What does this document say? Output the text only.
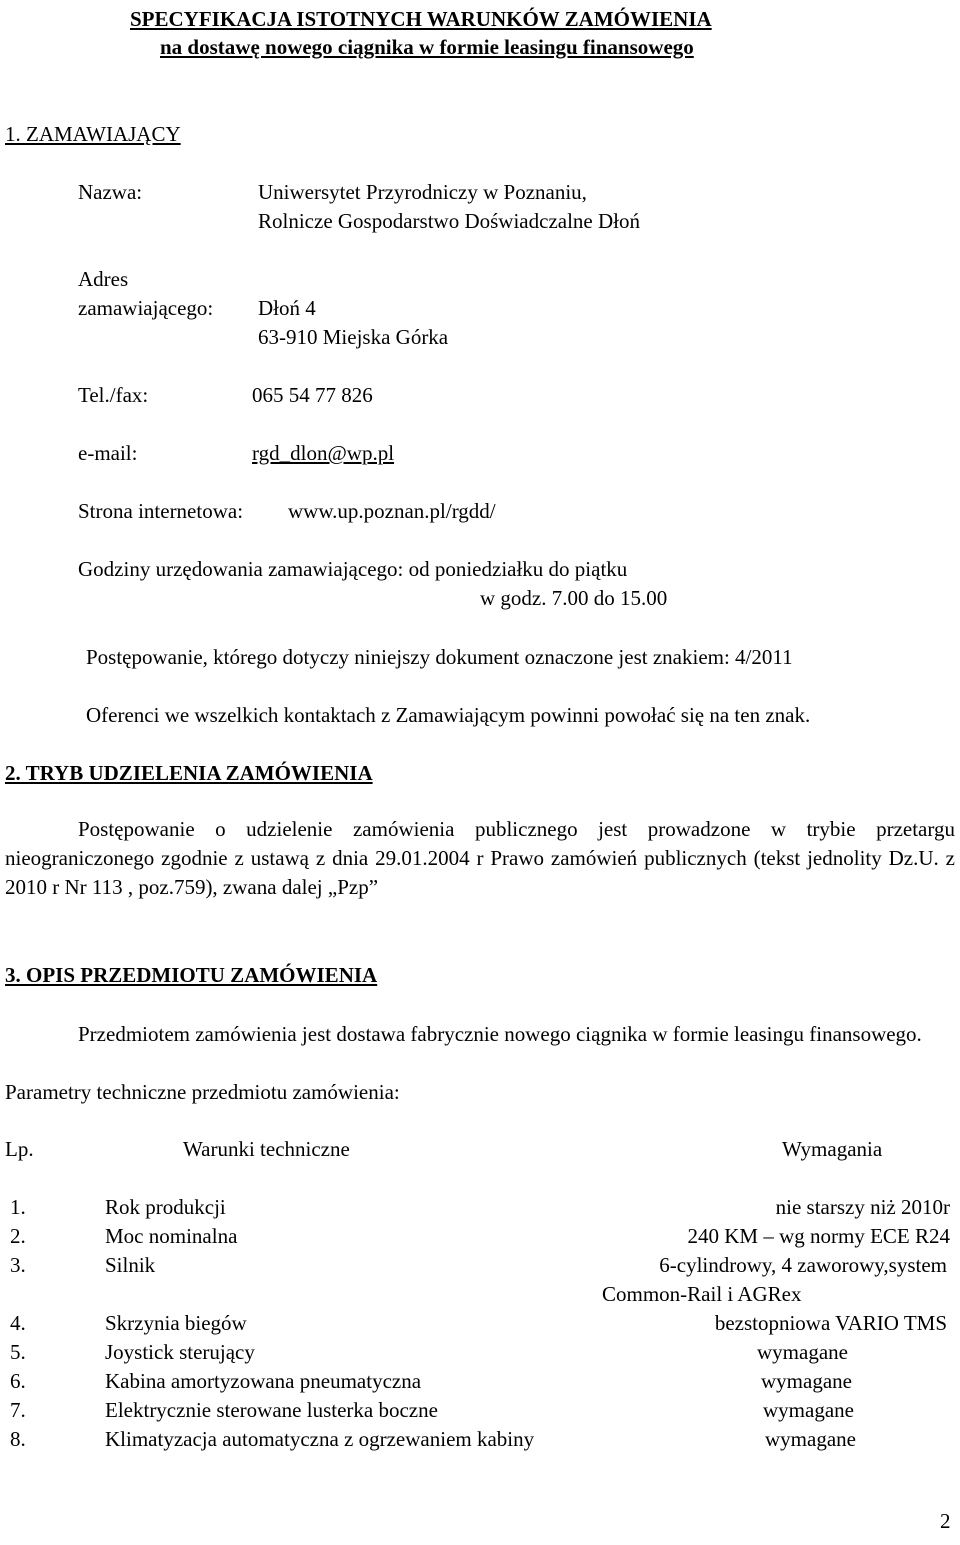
SPECYFIKACJA ISTOTNYCH WARUNKÓW ZAMÓWIENIA
na dostawę nowego ciągnika w formie leasingu finansowego
1. ZAMAWIAJĄCY
Nazwa:	Uniwersytet Przyrodniczy w Poznaniu,
Rolnicze Gospodarstwo Doświadczalne Dłoń
Adres
zamawiającego: Dłoń 4
63-910 Miejska Górka
Tel./fax:	065 54 77 826
e-mail:	rgd_dlon@wp.pl
Strona internetowa: www.up.poznan.pl/rgdd/
Godziny urzędowania zamawiającego: od poniedziałku do piątku
w godz. 7.00 do 15.00
Postępowanie, którego dotyczy niniejszy dokument oznaczone jest znakiem: 4/2011
Oferenci we wszelkich kontaktach z Zamawiającym powinni powołać się na ten znak.
2. TRYB UDZIELENIA ZAMÓWIENIA
Postępowanie o udzielenie zamówienia publicznego jest prowadzone w trybie przetargu nieograniczonego zgodnie z ustawą z dnia 29.01.2004 r Prawo zamówień publicznych (tekst jednolity Dz.U. z 2010 r Nr 113 , poz.759), zwana dalej „Pzp”
3. OPIS PRZEDMIOTU ZAMÓWIENIA
Przedmiotem zamówienia jest dostawa fabrycznie nowego ciągnika w formie leasingu finansowego.
Parametry techniczne przedmiotu zamówienia:
Lp.	Warunki techniczne	Wymagania
1.	Rok produkcji	nie starszy niż 2010r
2.	Moc nominalna	240 KM – wg normy ECE R24
3.	Silnik	6-cylindrowy, 4 zaworowy,system
Common-Rail i AGRex
4.	Skrzynia biegów	bezstopniowa VARIO TMS
5.	Joystick sterujący	wymagane
6.	Kabina amortyzowana pneumatyczna	wymagane
7.	Elektrycznie sterowane lusterka boczne	wymagane
8.	Klimatyzacja automatyczna z ogrzewaniem kabiny	wymagane
2
